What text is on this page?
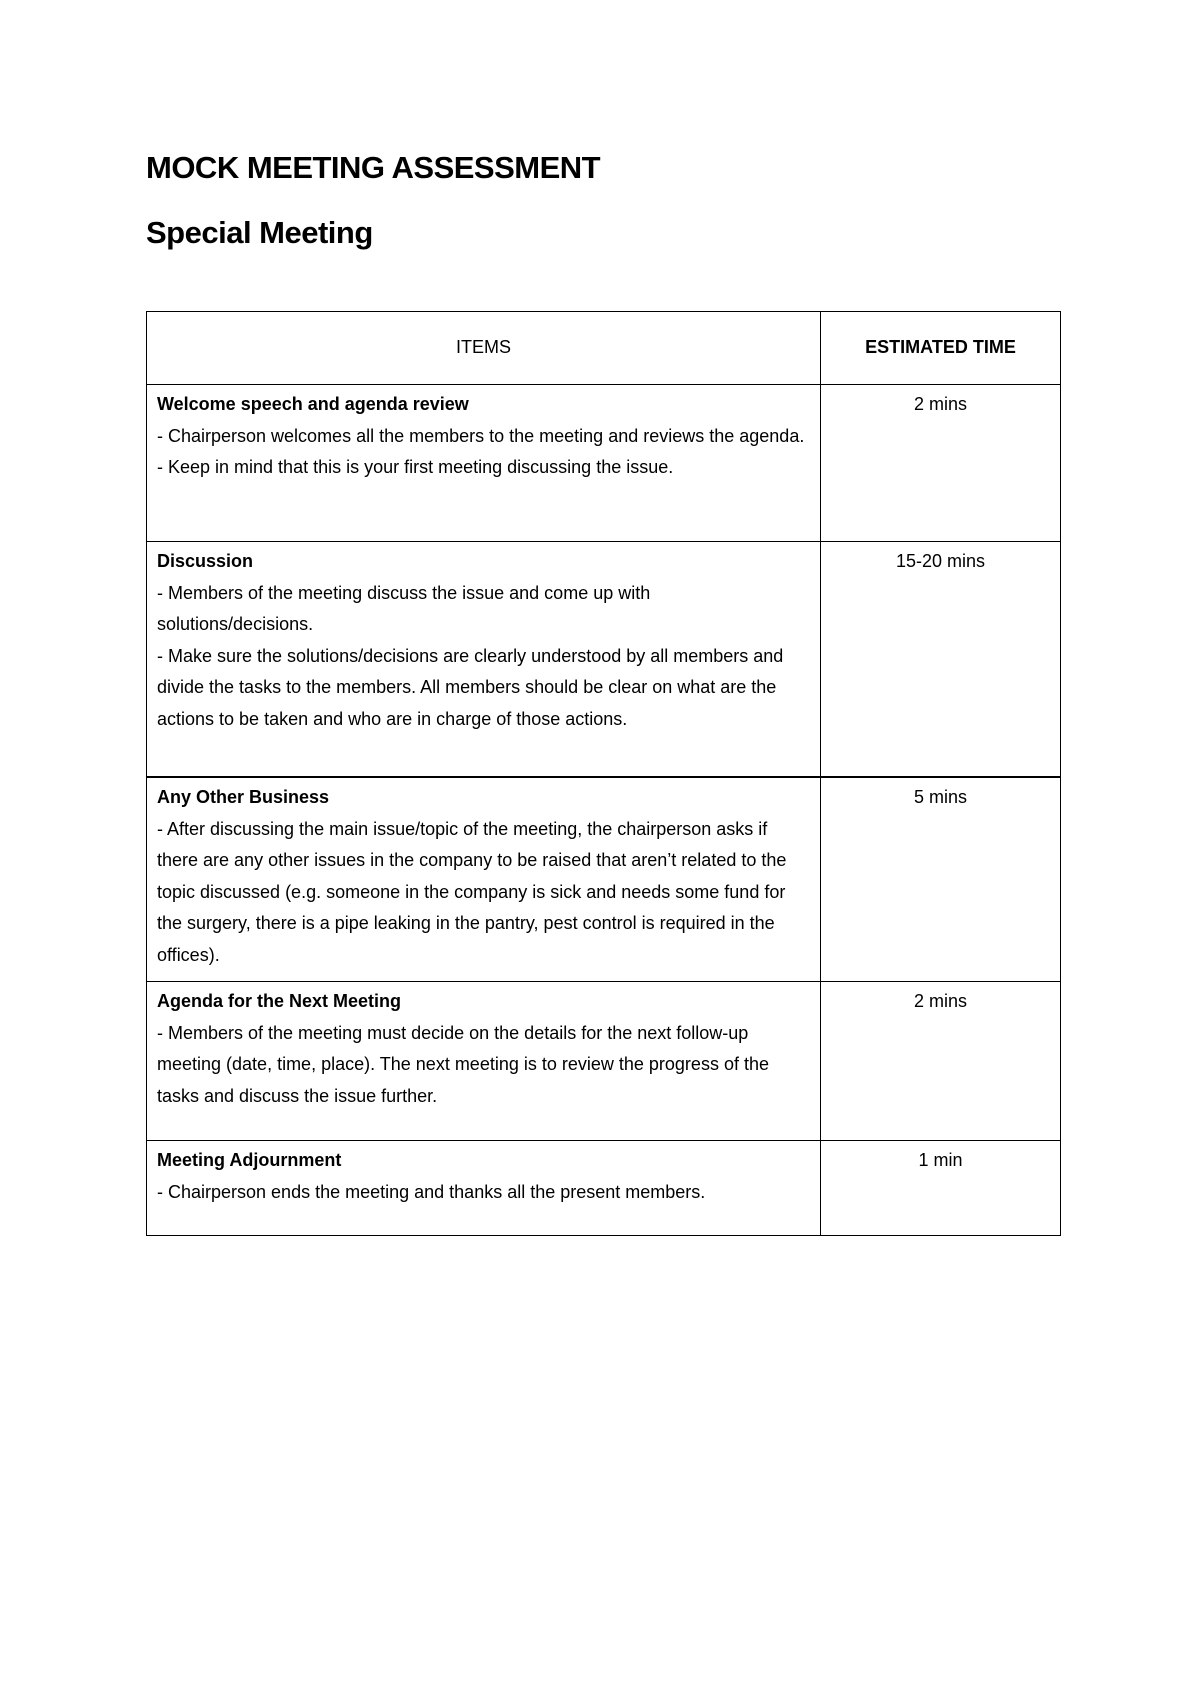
MOCK MEETING ASSESSMENT
Special Meeting
ITEMS	ESTIMATED TIME

Welcome speech and agenda review
- Chairperson welcomes all the members to the meeting and reviews the agenda.
- Keep in mind that this is your first meeting discussing the issue.	2 mins

Discussion
- Members of the meeting discuss the issue and come up with solutions/decisions.
- Make sure the solutions/decisions are clearly understood by all members and divide the tasks to the members. All members should be clear on what are the actions to be taken and who are in charge of those actions.	15-20 mins

Any Other Business
- After discussing the main issue/topic of the meeting, the chairperson asks if there are any other issues in the company to be raised that aren’t related to the topic discussed (e.g. someone in the company is sick and needs some fund for the surgery, there is a pipe leaking in the pantry, pest control is required in the offices).	5 mins

Agenda for the Next Meeting
- Members of the meeting must decide on the details for the next follow-up meeting (date, time, place). The next meeting is to review the progress of the tasks and discuss the issue further.	2 mins

Meeting Adjournment
- Chairperson ends the meeting and thanks all the present members.	1 min
